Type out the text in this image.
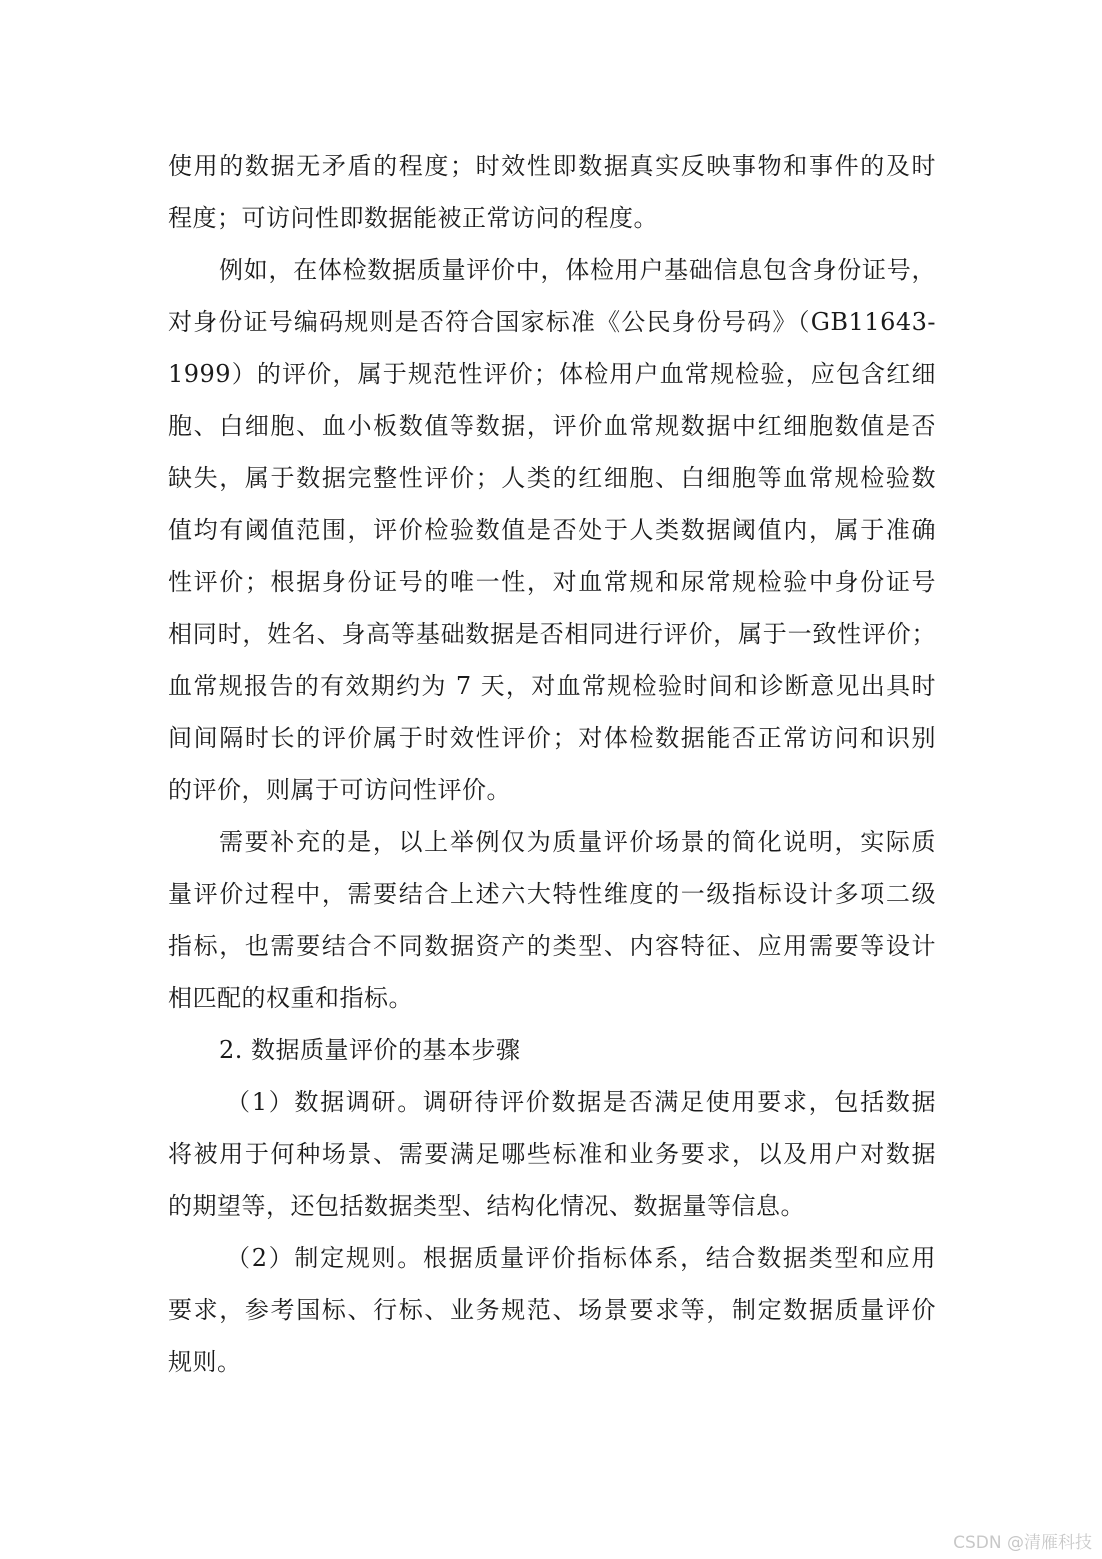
使用的数据无矛盾的程度；时效性即数据真实反映事物和事件的及时
程度；可访问性即数据能被正常访问的程度。
例如，在体检数据质量评价中，体检用户基础信息包含身份证号，
对身份证号编码规则是否符合国家标准《公民身份号码》（GB11643-
1999）的评价，属于规范性评价；体检用户血常规检验，应包含红细
胞、白细胞、血小板数值等数据，评价血常规数据中红细胞数值是否
缺失，属于数据完整性评价；人类的红细胞、白细胞等血常规检验数
值均有阈值范围，评价检验数值是否处于人类数据阈值内，属于准确
性评价；根据身份证号的唯一性，对血常规和尿常规检验中身份证号
相同时，姓名、身高等基础数据是否相同进行评价，属于一致性评价；
血常规报告的有效期约为 7 天，对血常规检验时间和诊断意见出具时
间间隔时长的评价属于时效性评价；对体检数据能否正常访问和识别
的评价，则属于可访问性评价。
需要补充的是，以上举例仅为质量评价场景的简化说明，实际质
量评价过程中，需要结合上述六大特性维度的一级指标设计多项二级
指标，也需要结合不同数据资产的类型、内容特征、应用需要等设计
相匹配的权重和指标。
2. 数据质量评价的基本步骤
（1）数据调研。调研待评价数据是否满足使用要求，包括数据
将被用于何种场景、需要满足哪些标准和业务要求，以及用户对数据
的期望等，还包括数据类型、结构化情况、数据量等信息。
（2）制定规则。根据质量评价指标体系，结合数据类型和应用
要求，参考国标、行标、业务规范、场景要求等，制定数据质量评价
规则。
CSDN @清雁科技
